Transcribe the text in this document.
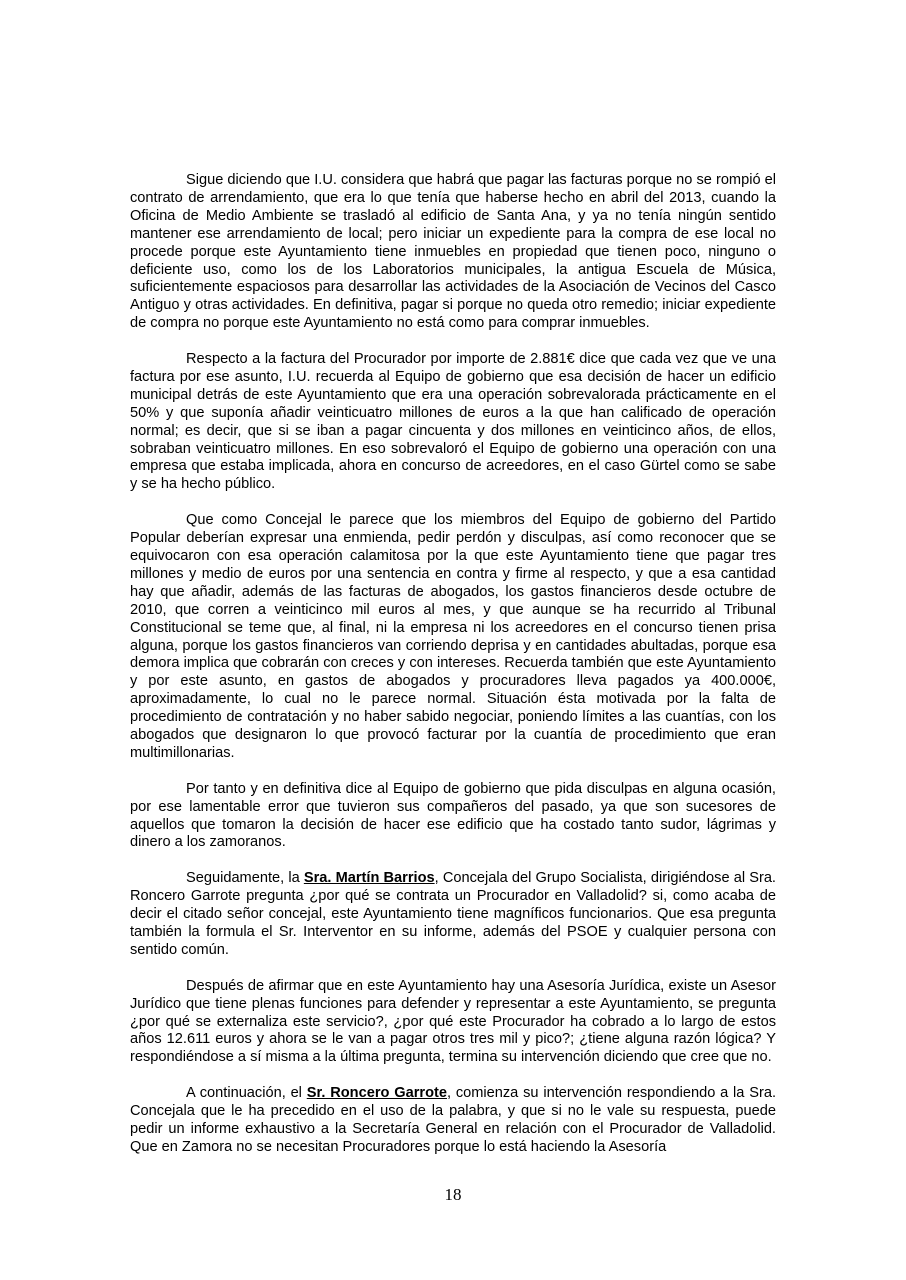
Sigue diciendo que I.U. considera que habrá que pagar las facturas porque no se rompió el contrato de arrendamiento, que era lo que tenía que haberse hecho en abril del 2013, cuando la Oficina de Medio Ambiente se trasladó al edificio de Santa Ana, y ya no tenía ningún sentido mantener ese arrendamiento de local; pero iniciar un expediente para la compra de ese local no procede porque este Ayuntamiento tiene inmuebles en propiedad que tienen poco, ninguno o deficiente uso, como los de los Laboratorios municipales, la antigua Escuela de Música, suficientemente espaciosos para desarrollar las actividades de la Asociación de Vecinos del Casco Antiguo y otras actividades. En definitiva, pagar si porque no queda otro remedio; iniciar expediente de compra no porque este Ayuntamiento no está como para comprar inmuebles.

Respecto a la factura del Procurador por importe de 2.881€ dice que cada vez que ve una factura por ese asunto, I.U. recuerda al Equipo de gobierno que esa decisión de hacer un edificio municipal detrás de este Ayuntamiento que era una operación sobrevalorada prácticamente en el 50% y que suponía añadir veinticuatro millones de euros a la que han calificado de operación normal; es decir, que si se iban a pagar cincuenta y dos millones en veinticinco años, de ellos, sobraban veinticuatro millones. En eso sobrevaloró el Equipo de gobierno una operación con una empresa que estaba implicada, ahora en concurso de acreedores, en el caso Gürtel como se sabe y se ha hecho público.

Que como Concejal le parece que los miembros del Equipo de gobierno del Partido Popular deberían expresar una enmienda, pedir perdón y disculpas, así como reconocer que se equivocaron con esa operación calamitosa por la que este Ayuntamiento tiene que pagar tres millones y medio de euros por una sentencia en contra y firme al respecto, y que a esa cantidad hay que añadir, además de las facturas de abogados, los gastos financieros desde octubre de 2010, que corren a veinticinco mil euros al mes, y que aunque se ha recurrido al Tribunal Constitucional se teme que, al final, ni la empresa ni los acreedores en el concurso tienen prisa alguna, porque los gastos financieros van corriendo deprisa y en cantidades abultadas, porque esa demora implica que cobrarán con creces y con intereses. Recuerda también que este Ayuntamiento y por este asunto, en gastos de abogados y procuradores lleva pagados ya 400.000€, aproximadamente, lo cual no le parece normal. Situación ésta motivada por la falta de procedimiento de contratación y no haber sabido negociar, poniendo límites a las cuantías, con los abogados que designaron lo que provocó facturar por la cuantía de procedimiento que eran multimillonarias.

Por tanto y en definitiva dice al Equipo de gobierno que pida disculpas en alguna ocasión, por ese lamentable error que tuvieron sus compañeros del pasado, ya que son sucesores de aquellos que tomaron la decisión de hacer ese edificio que ha costado tanto sudor, lágrimas y dinero a los zamoranos.

Seguidamente, la Sra. Martín Barrios, Concejala del Grupo Socialista, dirigiéndose al Sra. Roncero Garrote pregunta ¿por qué se contrata un Procurador en Valladolid? si, como acaba de decir el citado señor concejal, este Ayuntamiento tiene magníficos funcionarios. Que esa pregunta también la formula el Sr. Interventor en su informe, además del PSOE y cualquier persona con sentido común.

Después de afirmar que en este Ayuntamiento hay una Asesoría Jurídica, existe un Asesor Jurídico que tiene plenas funciones para defender y representar a este Ayuntamiento, se pregunta ¿por qué se externaliza este servicio?, ¿por qué este Procurador ha cobrado a lo largo de estos años 12.611 euros y ahora se le van a pagar otros tres mil y pico?; ¿tiene alguna razón lógica? Y respondiéndose a sí misma a la última pregunta, termina su intervención diciendo que cree que no.

A continuación, el Sr. Roncero Garrote, comienza su intervención respondiendo a la Sra. Concejala que le ha precedido en el uso de la palabra, y que si no le vale su respuesta, puede pedir un informe exhaustivo a la Secretaría General en relación con el Procurador de Valladolid. Que en Zamora no se necesitan Procuradores porque lo está haciendo la Asesoría

18
